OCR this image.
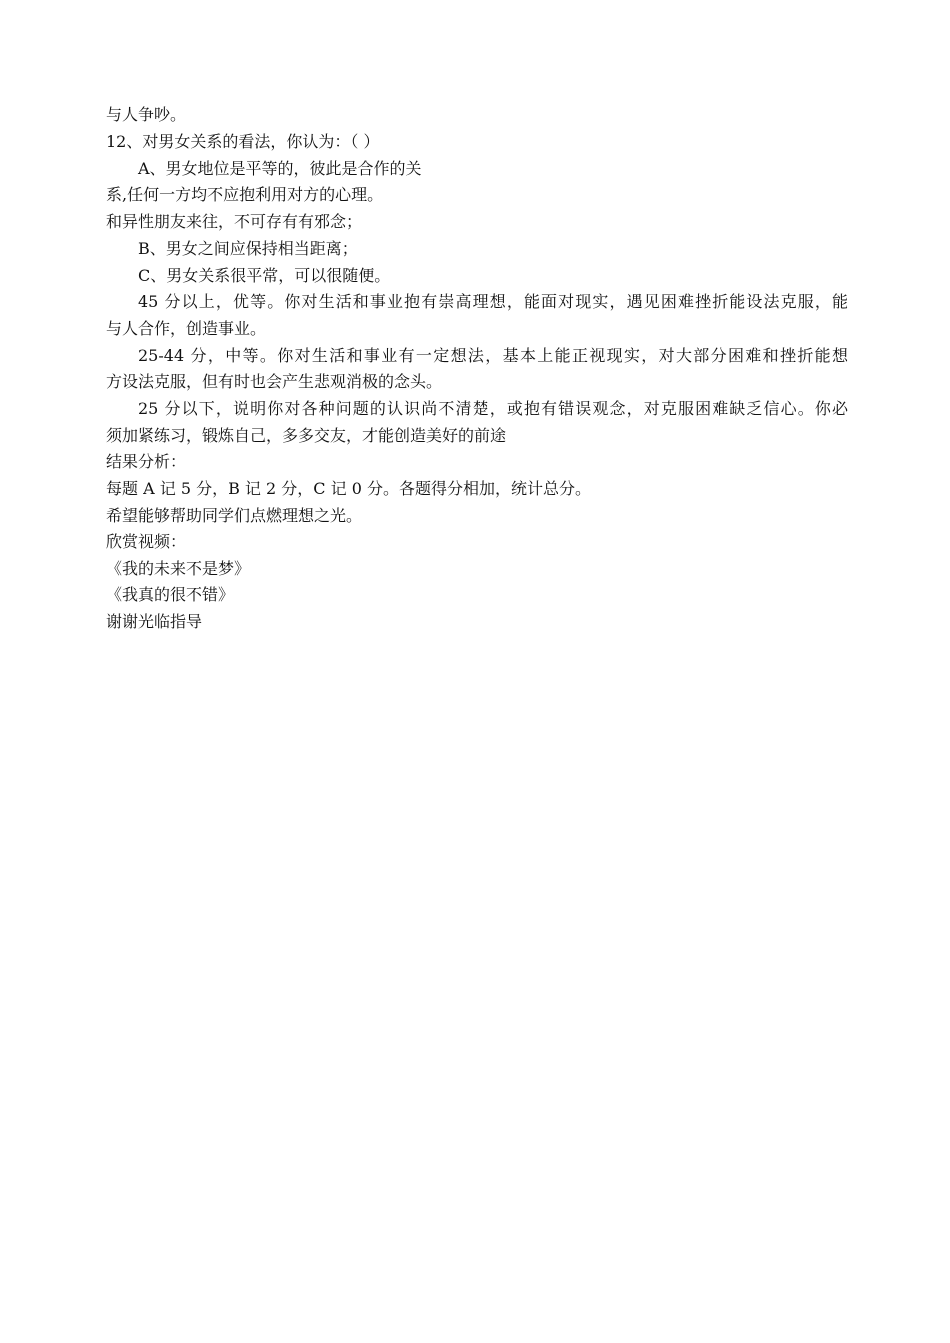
与人争吵。
12、对男女关系的看法，你认为：（ ）
A、男女地位是平等的，彼此是合作的关
系,任何一方均不应抱利用对方的心理。
和异性朋友来往，不可存有有邪念；
B、男女之间应保持相当距离；
C、男女关系很平常，可以很随便。
45 分以上，优等。你对生活和事业抱有崇高理想，能面对现实，遇见困难挫折能设法克服，能
与人合作，创造事业。
25-44 分，中等。你对生活和事业有一定想法，基本上能正视现实，对大部分困难和挫折能想
方设法克服，但有时也会产生悲观消极的念头。
25 分以下，说明你对各种问题的认识尚不清楚，或抱有错误观念，对克服困难缺乏信心。你必
须加紧练习，锻炼自己，多多交友，才能创造美好的前途
结果分析：
每题 A 记 5 分，B 记 2 分，C 记 0 分。各题得分相加，统计总分。
希望能够帮助同学们点燃理想之光。
欣赏视频：
《我的未来不是梦》
《我真的很不错》
谢谢光临指导
